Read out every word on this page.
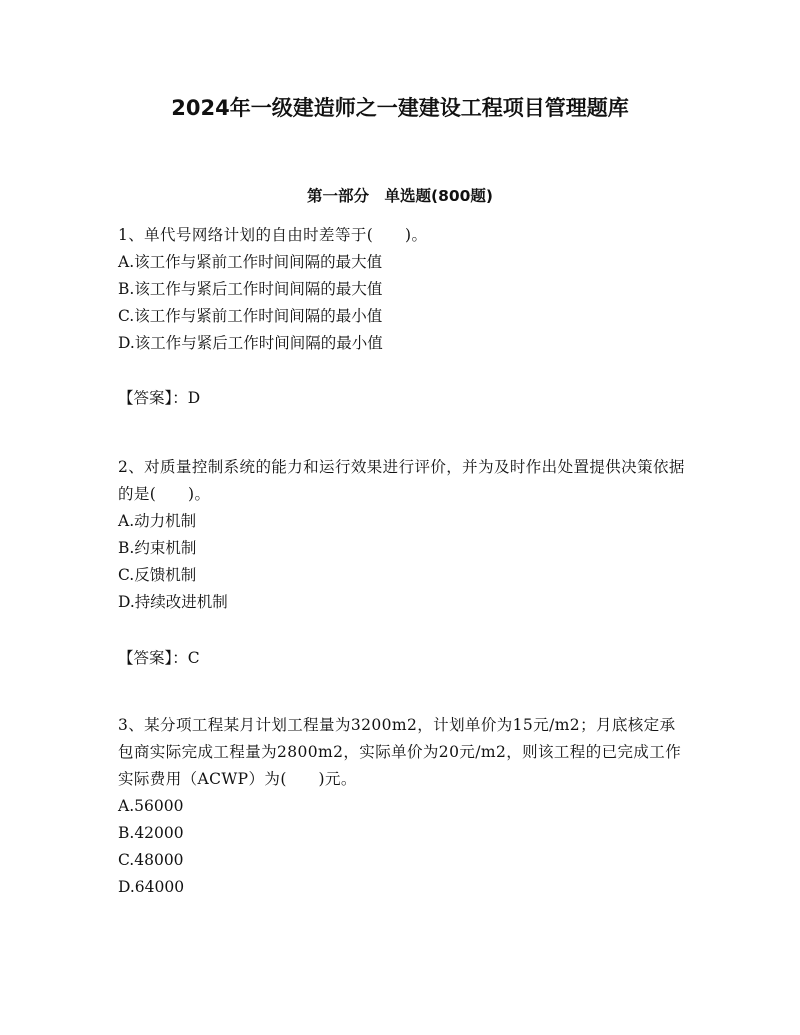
2024年一级建造师之一建建设工程项目管理题库
第一部分　单选题(800题)

1、单代号网络计划的自由时差等于(　　)。

A.该工作与紧前工作时间间隔的最大值

B.该工作与紧后工作时间间隔的最大值

C.该工作与紧前工作时间间隔的最小值

D.该工作与紧后工作时间间隔的最小值

【答案】：D

2、对质量控制系统的能力和运行效果进行评价，并为及时作出处置提供决策依据的是(　　)。

A.动力机制

B.约束机制

C.反馈机制

D.持续改进机制

【答案】：C

3、某分项工程某月计划工程量为3200m2，计划单价为15元/m2；月底核定承包商实际完成工程量为2800m2，实际单价为20元/m2，则该工程的已完成工作实际费用（ACWP）为(　　)元。

A.56000

B.42000

C.48000

D.64000
